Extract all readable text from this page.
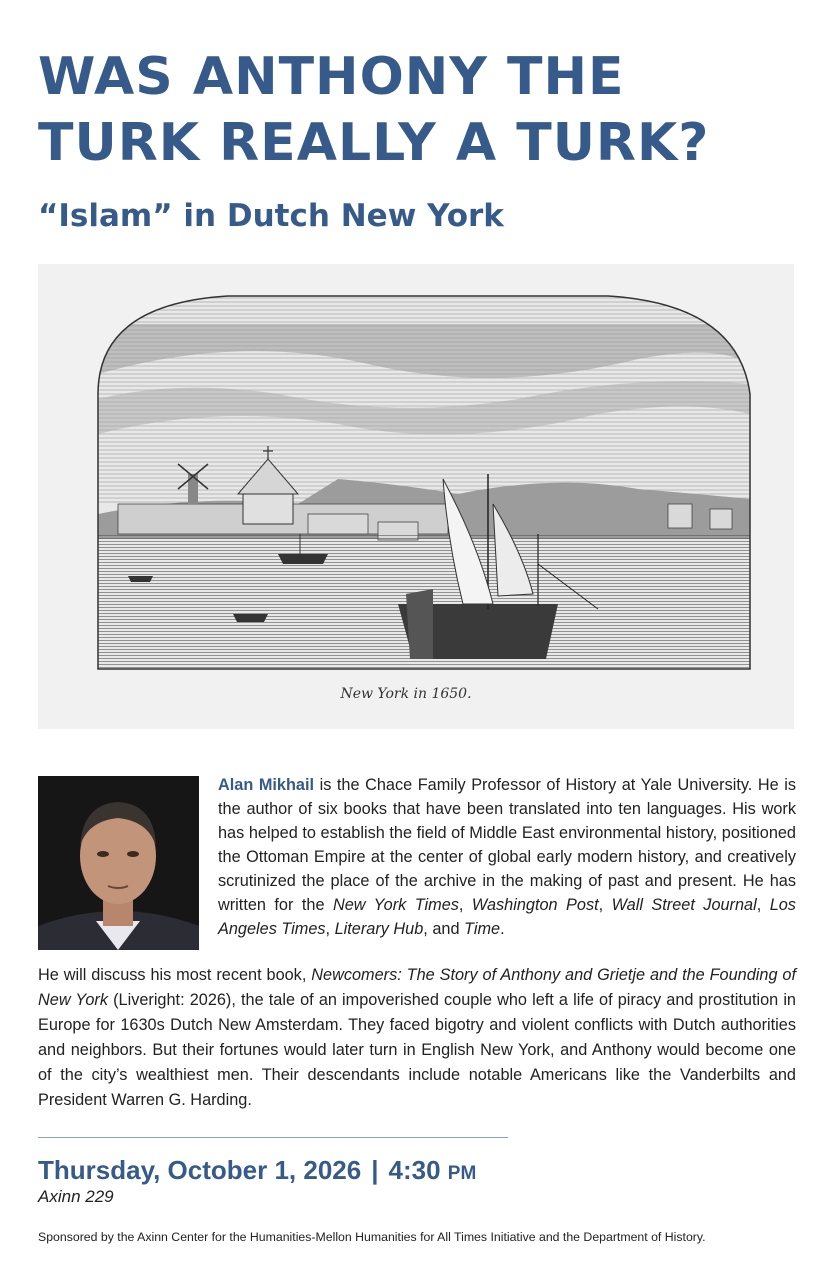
WAS ANTHONY THE
TURK REALLY A TURK?
“Islam” in Dutch New York
New York in 1650.

Alan Mikhail is the Chace Family Professor of History at Yale University. He is the author of six books that have been translated into ten languages. His work has helped to establish the field of Middle East environmental history, positioned the Ottoman Empire at the center of global early modern history, and creatively scrutinized the place of the archive in the making of past and present. He has written for the New York Times, Washington Post, Wall Street Journal, Los Angeles Times, Literary Hub, and Time.

He will discuss his most recent book, Newcomers: The Story of Anthony and Grietje and the Founding of New York (Liveright: 2026), the tale of an impoverished couple who left a life of piracy and prostitution in Europe for 1630s Dutch New Amsterdam. They faced bigotry and violent conflicts with Dutch authorities and neighbors. But their fortunes would later turn in English New York, and Anthony would become one of the city’s wealthiest men. Their descendants include notable Americans like the Vanderbilts and President Warren G. Harding.

Thursday, October 1, 2026 | 4:30 PM
Axinn 229
Sponsored by the Axinn Center for the Humanities-Mellon Humanities for All Times Initiative and the Department of History.
